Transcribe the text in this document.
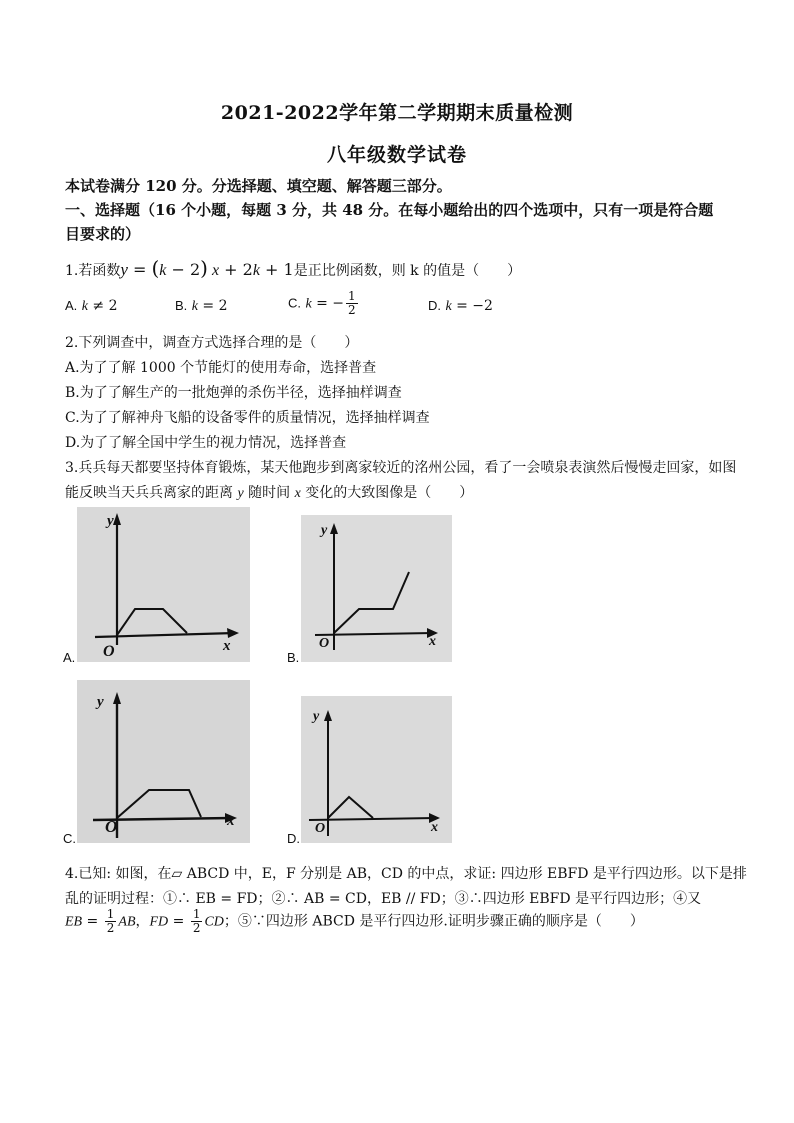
2021-2022学年第二学期期末质量检测
八年级数学试卷
本试卷满分 120 分。分选择题、填空题、解答题三部分。
一、选择题（16 个小题，每题 3 分，共 48 分。在每小题给出的四个选项中，只有一项是符合题
目要求的）
1.若函数y = (k − 2) x + 2k + 1是正比例函数，则 k 的值是（　　）
A. k ≠ 2	B. k = 2	C. k = − $\frac{1}{2}$	D. k = −2
2.下列调查中，调查方式选择合理的是（　　）
A.为了了解 1000 个节能灯的使用寿命，选择普查
B.为了了解生产的一批炮弹的杀伤半径，选择抽样调查
C.为了了解神舟飞船的设备零件的质量情况，选择抽样调查
D.为了了解全国中学生的视力情况，选择普查
3.兵兵每天都要坚持体育锻炼，某天他跑步到离家较近的洺州公园，看了一会喷泉表演然后慢慢走回家，如图
能反映当天兵兵离家的距离 y 随时间 x 变化的大致图像是（　　）
A.
y
x
O	B.
y
x
O
C.
y
x
O
D.
y
x
O
4.已知: 如图，在▱ ABCD 中，E，F 分别是 AB，CD 的中点，求证: 四边形 EBFD 是平行四边形。以下是排
乱的证明过程：①∴ EB = FD；②∴ AB = CD，EB // FD；③∴四边形 EBFD 是平行四边形；④又
EB = $\frac{1}{2}$ AB，FD = $\frac{1}{2}$ CD；⑤∵四边形 ABCD 是平行四边形.证明步骤正确的顺序是（　　）
